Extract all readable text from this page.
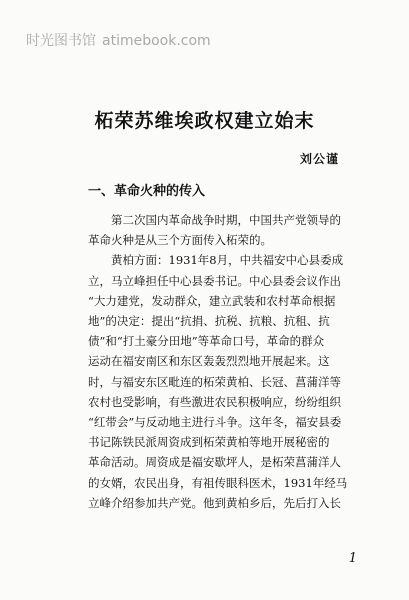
时光图书馆 atimebook.com
柘荣苏维埃政权建立始末
刘公谨
一、革命火种的传入
　　第二次国内革命战争时期，中国共产党领导的
革命火种是从三个方面传入柘荣的。
　　黄柏方面：1931年8月，中共福安中心县委成
立，马立峰担任中心县委书记。中心县委会议作出
“大力建党，发动群众，建立武装和农村革命根据
地”的决定：提出“抗捐、抗税、抗粮、抗租、抗
债”和“打土豪分田地”等革命口号，革命的群众
运动在福安南区和东区轰轰烈烈地开展起来。这
时，与福安东区毗连的柘荣黄柏、长冠、菖蒲洋等
农村也受影响，有些激进农民积极响应，纷纷组织
“红带会”与反动地主进行斗争。这年冬，福安县委
书记陈铁民派周资成到柘荣黄柏等地开展秘密的
革命活动。周资成是福安歇坪人，是柘荣菖蒲洋人
的女婿，农民出身，有祖传眼科医术，1931年经马
立峰介绍参加共产党。他到黄柏乡后，先后打入长
1
